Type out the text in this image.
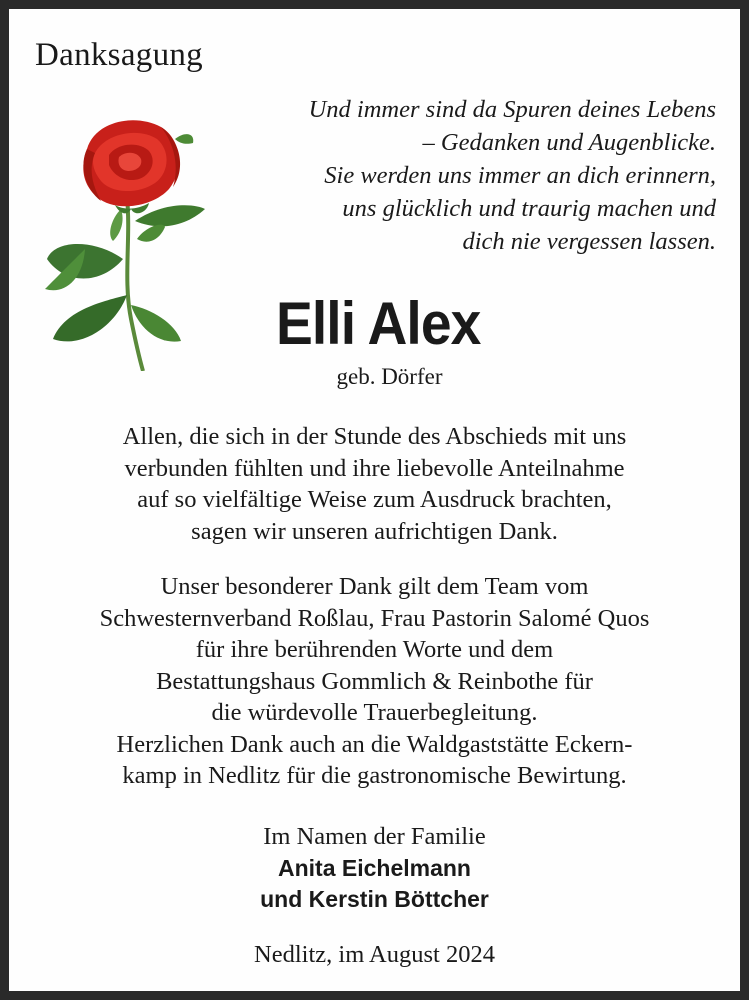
Danksagung
Und immer sind da Spuren deines Lebens
– Gedanken und Augenblicke.
Sie werden uns immer an dich erinnern,
uns glücklich und traurig machen und
dich nie vergessen lassen.
Elli Alex
geb. Dörfer
Allen, die sich in der Stunde des Abschieds mit uns
verbunden fühlten und ihre liebevolle Anteilnahme
auf so vielfältige Weise zum Ausdruck brachten,
sagen wir unseren aufrichtigen Dank.
Unser besonderer Dank gilt dem Team vom
Schwesternverband Roßlau, Frau Pastorin Salomé Quos
für ihre berührenden Worte und dem
Bestattungshaus Gommlich & Reinbothe für
die würdevolle Trauerbegleitung.
Herzlichen Dank auch an die Waldgaststätte Eckern-
kamp in Nedlitz für die gastronomische Bewirtung.
Im Namen der Familie
Anita Eichelmann
und Kerstin Böttcher
Nedlitz, im August 2024
